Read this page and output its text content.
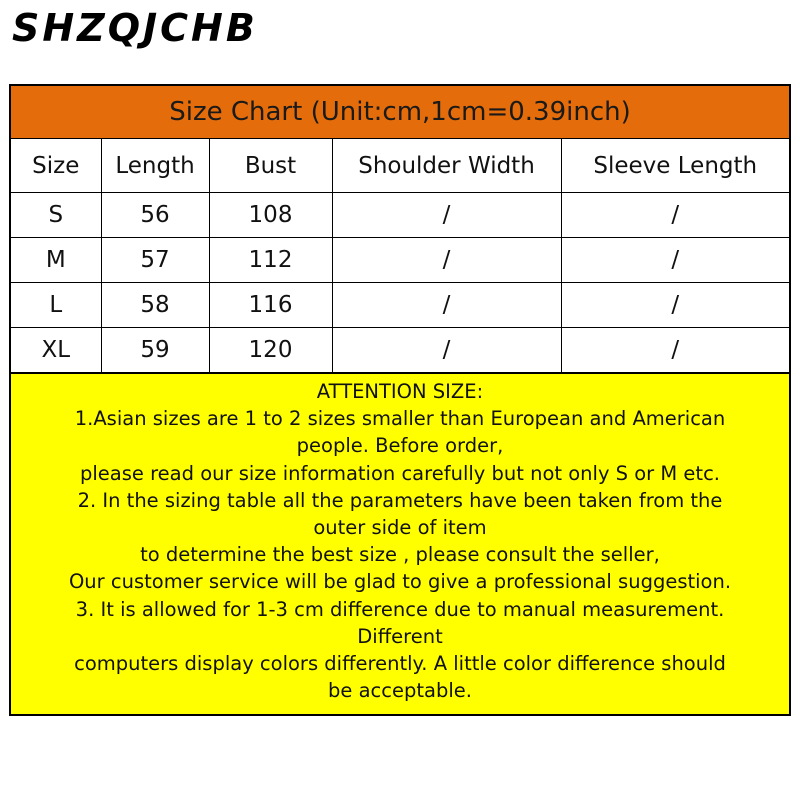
SHZQJCHB
Size Chart (Unit:cm,1cm=0.39inch)
Size	Length	Bust	Shoulder Width	Sleeve Length
S	56	108	/	/
M	57	112	/	/
L	58	116	/	/
XL	59	120	/	/
ATTENTION SIZE:
1.Asian sizes are 1 to 2 sizes smaller than European and American
people. Before order,
please read our size information carefully but not only S or M etc.
2. In the sizing table all the parameters have been taken from the
outer side of item
to determine the best size , please consult the seller,
Our customer service will be glad to give a professional suggestion.
3. It is allowed for 1-3 cm difference due to manual measurement.
Different
computers display colors differently. A little color difference should
be acceptable.
